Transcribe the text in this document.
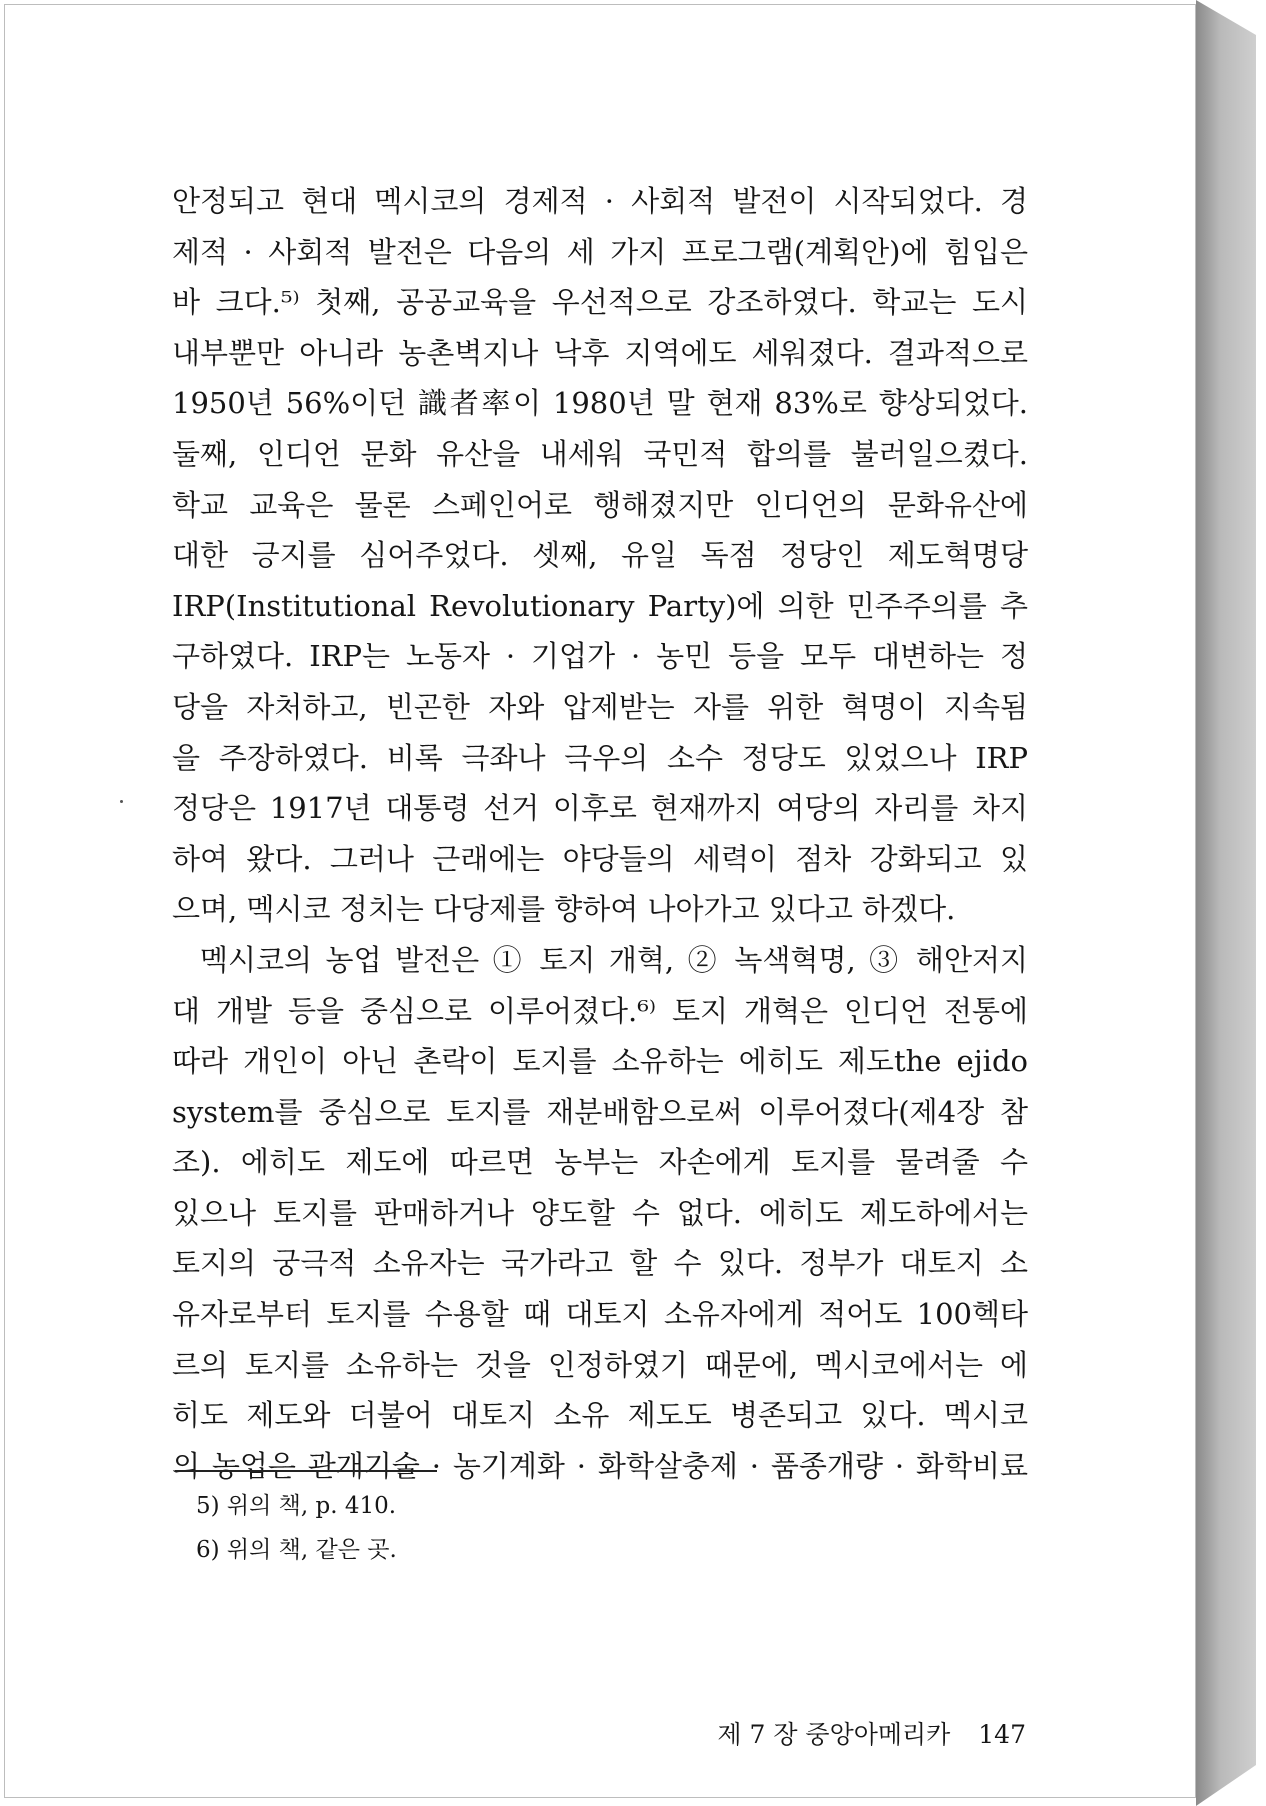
안정되고 현대 멕시코의 경제적 · 사회적 발전이 시작되었다. 경
제적 · 사회적 발전은 다음의 세 가지 프로그램(계획안)에 힘입은
바 크다.⁵⁾ 첫째, 공공교육을 우선적으로 강조하였다. 학교는 도시
내부뿐만 아니라 농촌벽지나 낙후 지역에도 세워졌다. 결과적으로
1950년 56%이던 識者率이 1980년 말 현재 83%로 향상되었다.
둘째, 인디언 문화 유산을 내세워 국민적 합의를 불러일으켰다.
학교 교육은 물론 스페인어로 행해졌지만 인디언의 문화유산에
대한 긍지를 심어주었다. 셋째, 유일 독점 정당인 제도혁명당
IRP(Institutional Revolutionary Party)에 의한 민주주의를 추
구하였다. IRP는 노동자 · 기업가 · 농민 등을 모두 대변하는 정
당을 자처하고, 빈곤한 자와 압제받는 자를 위한 혁명이 지속됨
을 주장하였다. 비록 극좌나 극우의 소수 정당도 있었으나 IRP
정당은 1917년 대통령 선거 이후로 현재까지 여당의 자리를 차지
하여 왔다. 그러나 근래에는 야당들의 세력이 점차 강화되고 있
으며, 멕시코 정치는 다당제를 향하여 나아가고 있다고 하겠다.
멕시코의 농업 발전은 ① 토지 개혁, ② 녹색혁명, ③ 해안저지
대 개발 등을 중심으로 이루어졌다.⁶⁾ 토지 개혁은 인디언 전통에
따라 개인이 아닌 촌락이 토지를 소유하는 에히도 제도the ejido
system를 중심으로 토지를 재분배함으로써 이루어졌다(제4장 참
조). 에히도 제도에 따르면 농부는 자손에게 토지를 물려줄 수
있으나 토지를 판매하거나 양도할 수 없다. 에히도 제도하에서는
토지의 궁극적 소유자는 국가라고 할 수 있다. 정부가 대토지 소
유자로부터 토지를 수용할 때 대토지 소유자에게 적어도 100헥타
르의 토지를 소유하는 것을 인정하였기 때문에, 멕시코에서는 에
히도 제도와 더불어 대토지 소유 제도도 병존되고 있다. 멕시코
의 농업은 관개기술 · 농기계화 · 화학살충제 · 품종개량 · 화학비료
5) 위의 책, p. 410.
6) 위의 책, 같은 곳.
제 7 장 중앙아메리카 147
